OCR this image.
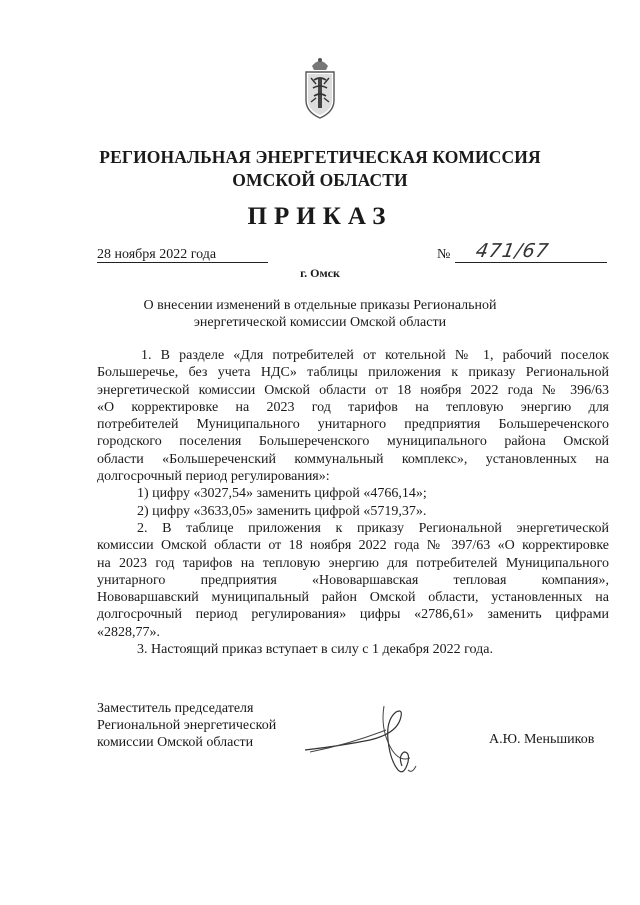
РЕГИОНАЛЬНАЯ ЭНЕРГЕТИЧЕСКАЯ КОМИССИЯ
ОМСКОЙ ОБЛАСТИ
ПРИКАЗ
28 ноября 2022 года	№ 471/67
г. Омск
О внесении изменений в отдельные приказы Региональной
энергетической комиссии Омской области

1. В разделе «Для потребителей от котельной № 1, рабочий поселок

Большеречье, без учета НДС» таблицы приложения к приказу Региональной

энергетической комиссии Омской области от 18 ноября 2022 года № 396/63

«О корректировке на 2023 год тарифов на тепловую энергию для

потребителей Муниципального унитарного предприятия Большереченского

городского поселения Большереченского муниципального района Омской

области «Большереченский коммунальный комплекс», установленных на

долгосрочный период регулирования»:

1) цифру «3027,54» заменить цифрой «4766,14»;

2) цифру «3633,05» заменить цифрой «5719,37».

2. В таблице приложения к приказу Региональной энергетической

комиссии Омской области от 18 ноября 2022 года № 397/63 «О корректировке

на 2023 год тарифов на тепловую энергию для потребителей Муниципального

унитарного предприятия «Нововаршавская тепловая компания»,

Нововаршавский муниципальный район Омской области, установленных на

долгосрочный период регулирования» цифры «2786,61» заменить цифрами

«2828,77».

3. Настоящий приказ вступает в силу с 1 декабря 2022 года.

Заместитель председателя
Региональной энергетической
комиссии Омской области	А.Ю. Меньшиков
